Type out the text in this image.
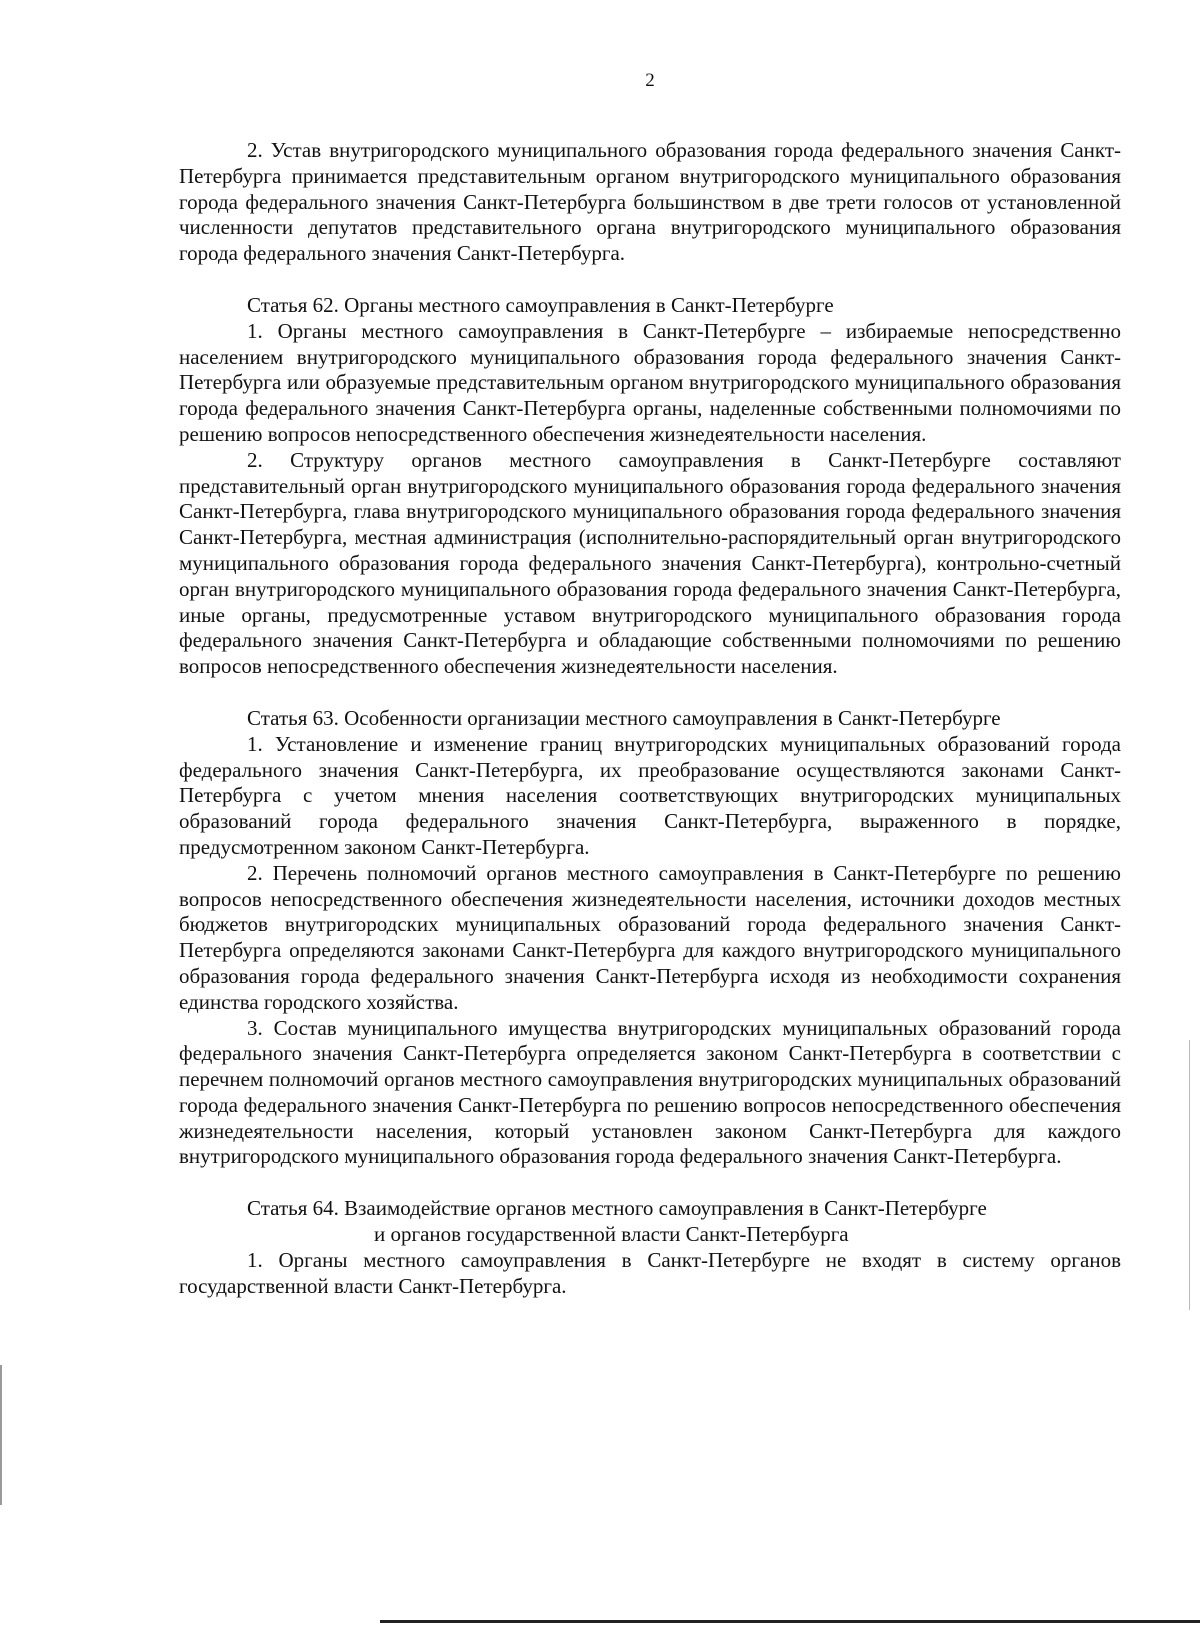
2

2. Устав внутригородского муниципального образования города федерального значения Санкт-Петербурга принимается представительным органом внутригородского муниципального образования города федерального значения Санкт-Петербурга большинством в две трети голосов от установленной численности депутатов представительного органа внутригородского муниципального образования города федерального значения Санкт-Петербурга.

Статья 62. Органы местного самоуправления в Санкт-Петербурге

1. Органы местного самоуправления в Санкт-Петербурге – избираемые непосредственно населением внутригородского муниципального образования города федерального значения Санкт-Петербурга или образуемые представительным органом внутригородского муниципального образования города федерального значения Санкт-Петербурга органы, наделенные собственными полномочиями по решению вопросов непосредственного обеспечения жизнедеятельности населения.

2. Структуру органов местного самоуправления в Санкт-Петербурге составляют представительный орган внутригородского муниципального образования города федерального значения Санкт-Петербурга, глава внутригородского муниципального образования города федерального значения Санкт-Петербурга, местная администрация (исполнительно-распорядительный орган внутригородского муниципального образования города федерального значения Санкт-Петербурга), контрольно-счетный орган внутригородского муниципального образования города федерального значения Санкт-Петербурга, иные органы, предусмотренные уставом внутригородского муниципального образования города федерального значения Санкт-Петербурга и обладающие собственными полномочиями по решению вопросов непосредственного обеспечения жизнедеятельности населения.

Статья 63. Особенности организации местного самоуправления в Санкт-Петербурге

1. Установление и изменение границ внутригородских муниципальных образований города федерального значения Санкт-Петербурга, их преобразование осуществляются законами Санкт-Петербурга с учетом мнения населения соответствующих внутригородских муниципальных образований города федерального значения Санкт-Петербурга, выраженного в порядке, предусмотренном законом Санкт-Петербурга.

2. Перечень полномочий органов местного самоуправления в Санкт-Петербурге по решению вопросов непосредственного обеспечения жизнедеятельности населения, источники доходов местных бюджетов внутригородских муниципальных образований города федерального значения Санкт-Петербурга определяются законами Санкт-Петербурга для каждого внутригородского муниципального образования города федерального значения Санкт-Петербурга исходя из необходимости сохранения единства городского хозяйства.

3. Состав муниципального имущества внутригородских муниципальных образований города федерального значения Санкт-Петербурга определяется законом Санкт-Петербурга в соответствии с перечнем полномочий органов местного самоуправления внутригородских муниципальных образований города федерального значения Санкт-Петербурга по решению вопросов непосредственного обеспечения жизнедеятельности населения, который установлен законом Санкт-Петербурга для каждого внутригородского муниципального образования города федерального значения Санкт-Петербурга.

Статья 64. Взаимодействие органов местного самоуправления в Санкт-Петербурге
и органов государственной власти Санкт-Петербурга

1. Органы местного самоуправления в Санкт-Петербурге не входят в систему органов государственной власти Санкт-Петербурга.
